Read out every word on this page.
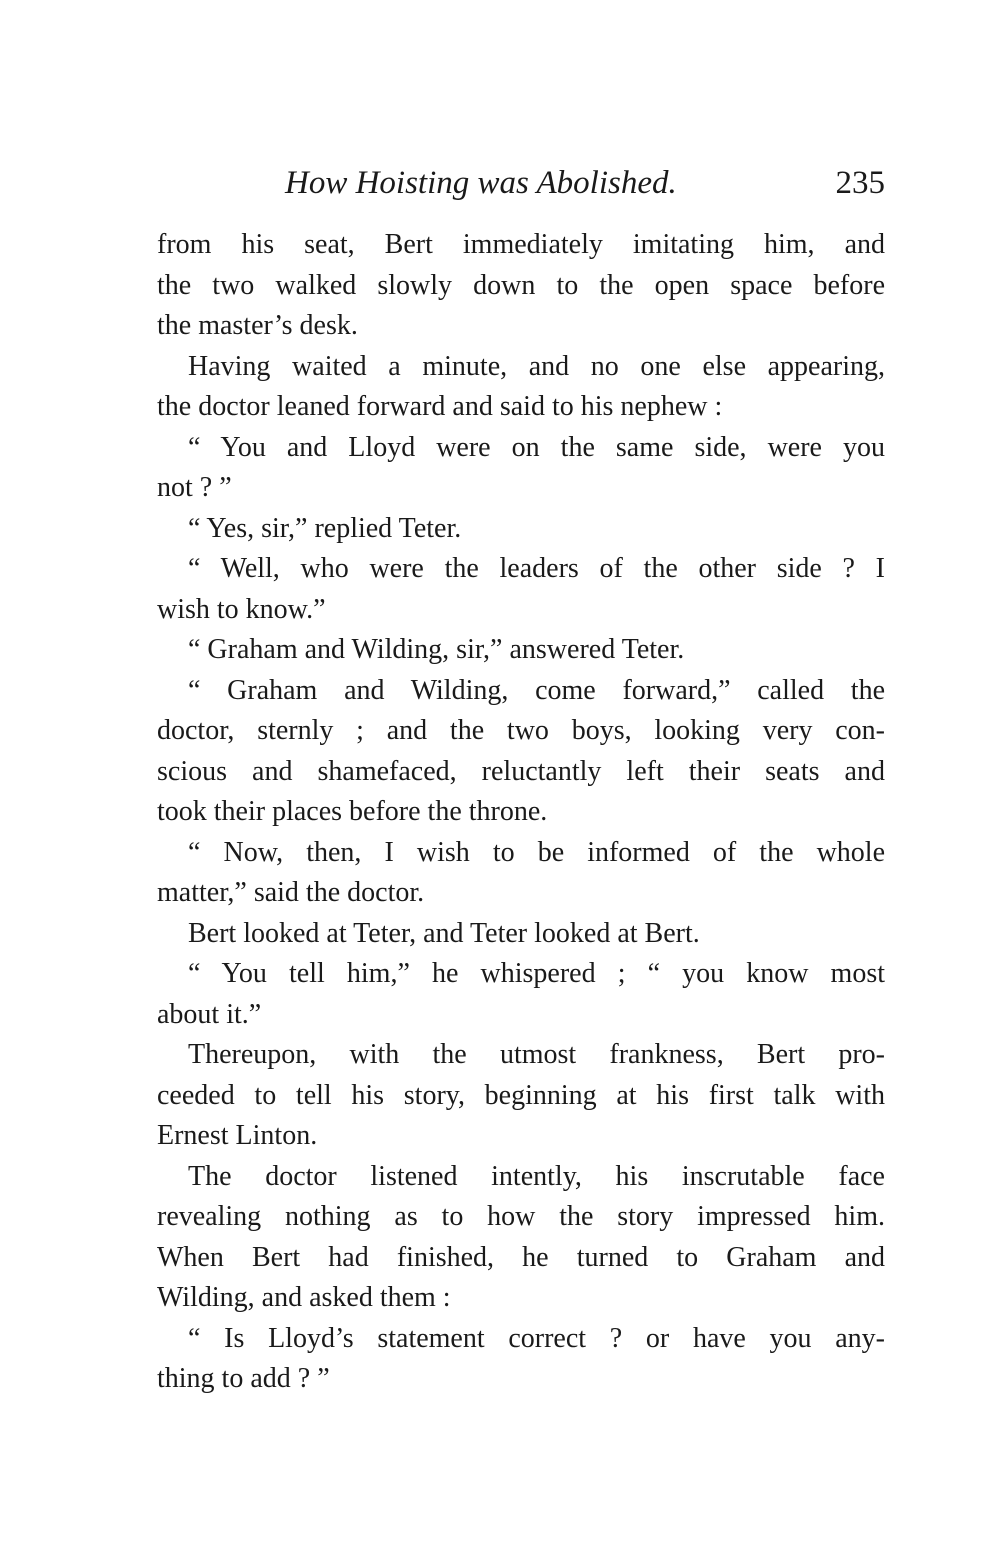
How Hoisting was Abolished.	235
from his seat, Bert immediately imitating him, and
the two walked slowly down to the open space before
the master’s desk.
Having waited a minute, and no one else appearing,
the doctor leaned forward and said to his nephew :
“ You and Lloyd were on the same side, were you
not ? ”
“ Yes, sir,” replied Teter.
“ Well, who were the leaders of the other side ? I
wish to know.”
“ Graham and Wilding, sir,” answered Teter.
“ Graham and Wilding, come forward,” called the
doctor, sternly ; and the two boys, looking very con-
scious and shamefaced, reluctantly left their seats and
took their places before the throne.
“ Now, then, I wish to be informed of the whole
matter,” said the doctor.
Bert looked at Teter, and Teter looked at Bert.
“ You tell him,” he whispered ; “ you know most
about it.”
Thereupon, with the utmost frankness, Bert pro-
ceeded to tell his story, beginning at his first talk with
Ernest Linton.
The doctor listened intently, his inscrutable face
revealing nothing as to how the story impressed him.
When Bert had finished, he turned to Graham and
Wilding, and asked them :
“ Is Lloyd’s statement correct ? or have you any-
thing to add ? ”
